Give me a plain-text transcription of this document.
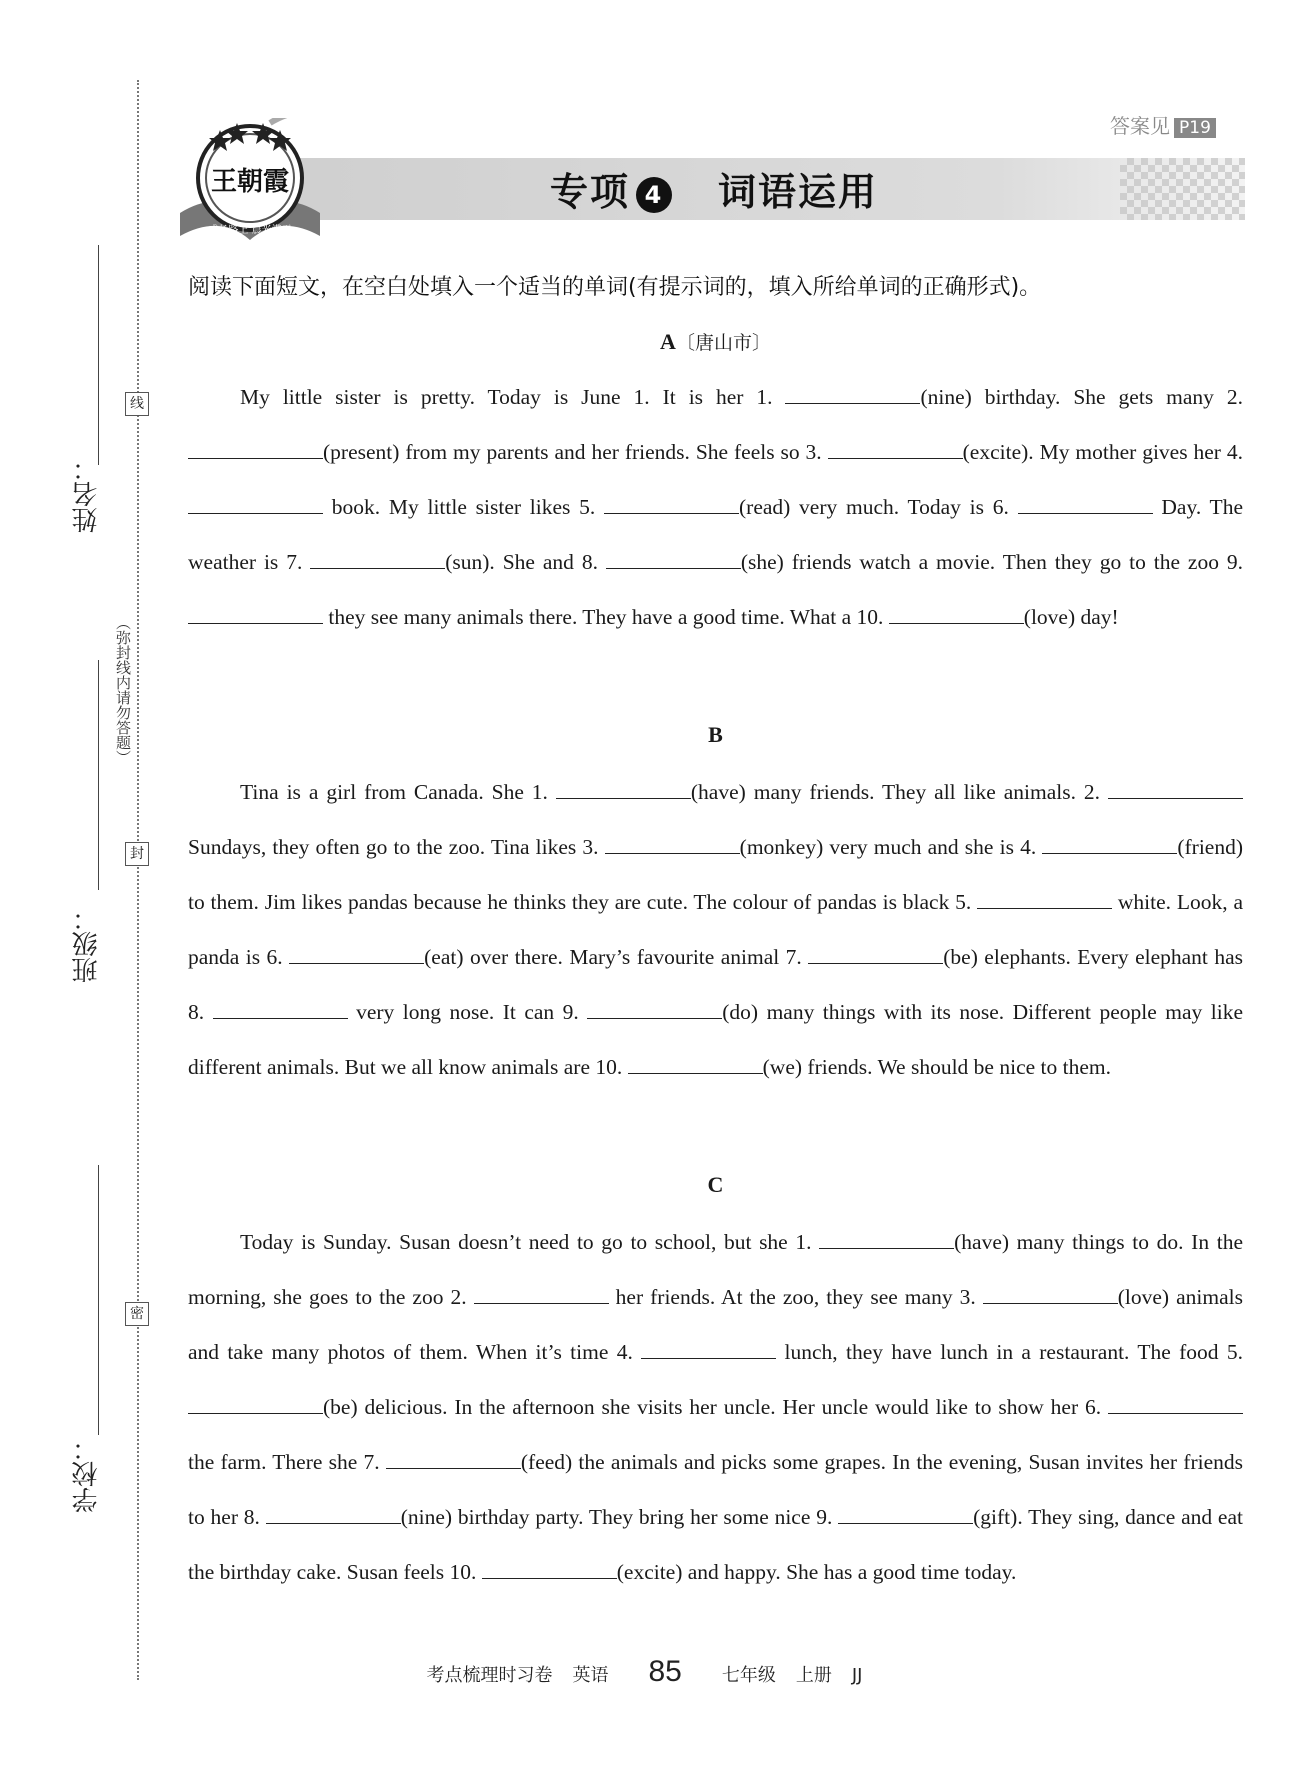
姓名：
班级：
学校：
线
封
密
（弥封线内请勿答题）
王朝霞
成长路上 晨光满天
专项 4 词语运用
答案见 P19
阅读下面短文，在空白处填入一个适当的单词(有提示词的，填入所给单词的正确形式)。
A〔唐山市〕

My little sister is pretty. Today is June 1. It is her 1.	(nine) birthday. She gets many 2. (present) from my parents and her friends. She feels so 3.	(excite). My mother gives her 4.  book. My little sister likes 5.	(read) very much. Today is 6.	Day. The weather is 7.	(sun). She and 8.	(she) friends watch a movie. Then they go to the zoo 9.  they see many animals there. They have a good time. What a 10.	(love) day!

B

Tina is a girl from Canada. She 1.	(have) many friends. They all like animals. 2.  Sundays, they often go to the zoo. Tina likes 3.	(monkey) very much and she is 4.	(friend) to them. Jim likes pandas because he thinks they are cute. The colour of pandas is black 5.	white. Look, a panda is 6.	(eat) over there. Mary’s favourite animal 7.	(be) elephants. Every elephant has 8.	very long nose. It can 9.	(do) many things with its nose. Different people may like different animals. But we all know animals are 10.	(we) friends. We should be nice to them.

C

Today is Sunday. Susan doesn’t need to go to school, but she 1.	(have) many things to do. In the morning, she goes to the zoo 2.	her friends. At the zoo, they see many 3.	(love) animals and take many photos of them. When it’s time 4.	lunch, they have lunch in a restaurant. The food 5. (be) delicious. In the afternoon she visits her uncle. Her uncle would like to show her 6.  the farm. There she 7.	(feed) the animals and picks some grapes. In the evening, Susan invites her friends to her 8.	(nine) birthday party. They bring her some nice 9.	(gift). They sing, dance and eat the birthday cake. Susan feels 10.	(excite) and happy. She has a good time today.

考点梳理时习卷 英语 85 七年级 上册 JJ
